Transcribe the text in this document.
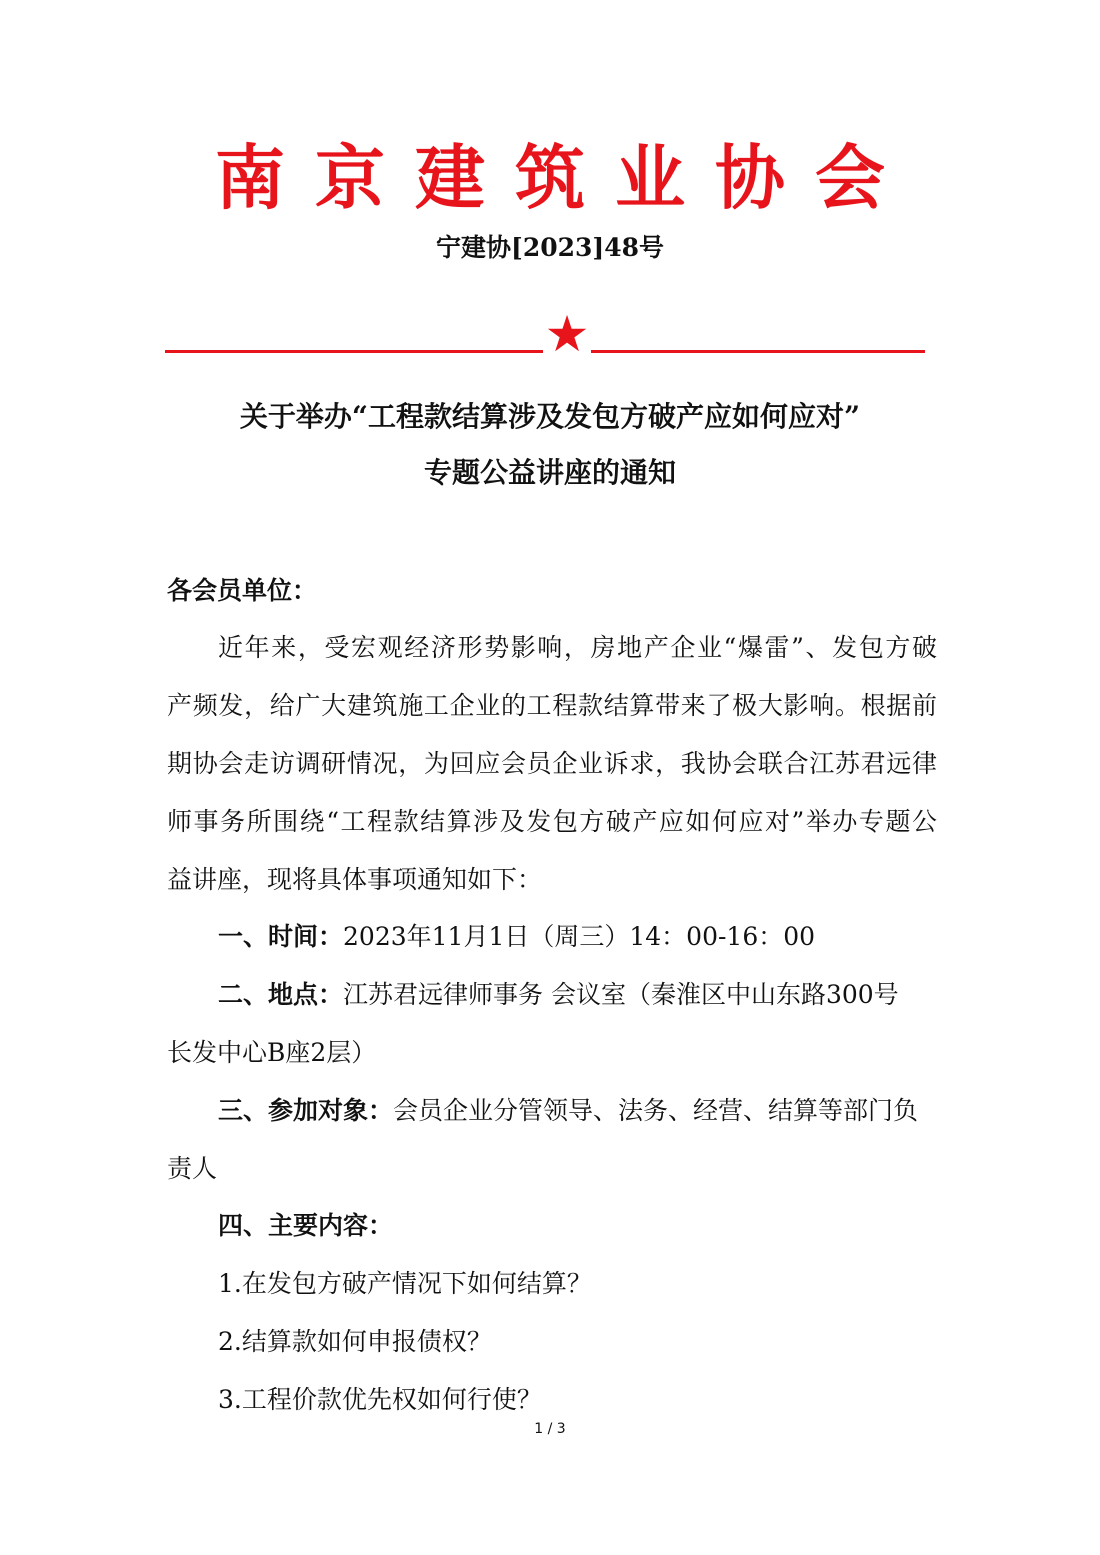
南京建筑业协会
宁建协[2023]48号
★
关于举办“工程款结算涉及发包方破产应如何应对”
专题公益讲座的通知
各会员单位：
近年来，受宏观经济形势影响，房地产企业“爆雷”、发包方破
产频发，给广大建筑施工企业的工程款结算带来了极大影响。根据前
期协会走访调研情况，为回应会员企业诉求，我协会联合江苏君远律
师事务所围绕“工程款结算涉及发包方破产应如何应对”举办专题公
益讲座，现将具体事项通知如下：
一、时间：2023年11月1日（周三）14：00-16：00
二、地点：江苏君远律师事务 会议室（秦淮区中山东路300号
长发中心B座2层）
三、参加对象：会员企业分管领导、法务、经营、结算等部门负
责人
四、主要内容：
1.在发包方破产情况下如何结算？
2.结算款如何申报债权？
3.工程价款优先权如何行使？
1 / 3
